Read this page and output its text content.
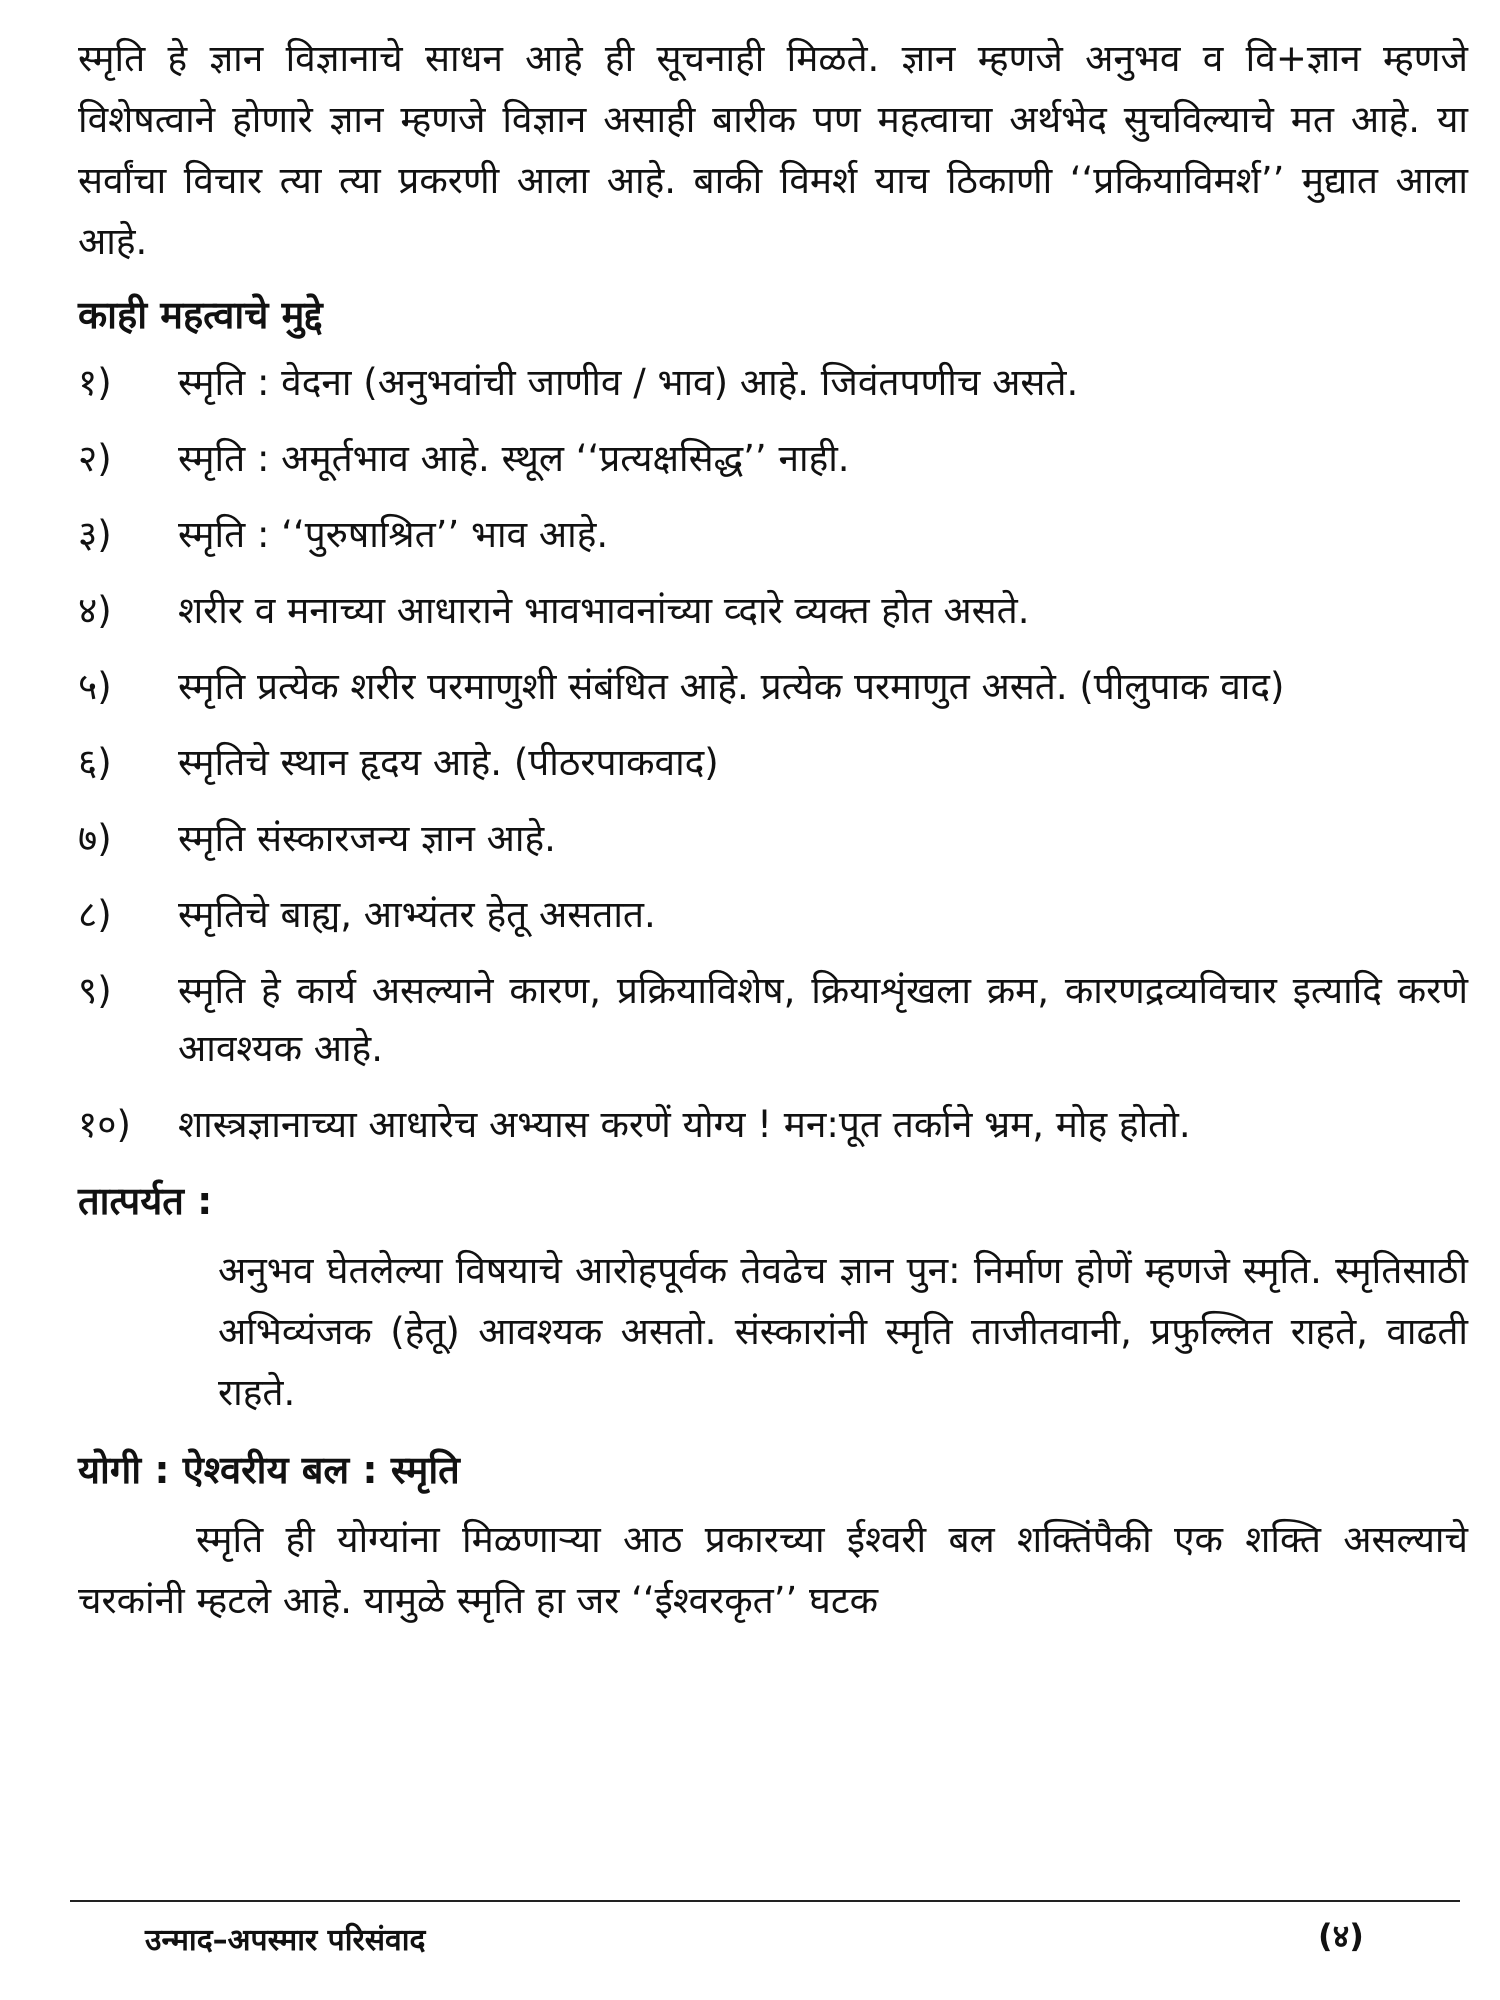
स्मृति हे ज्ञान विज्ञानाचे साधन आहे ही सूचनाही मिळते. ज्ञान म्हणजे अनुभव व वि+ज्ञान म्हणजे विशेषत्वाने होणारे ज्ञान म्हणजे विज्ञान असाही बारीक पण महत्वाचा अर्थभेद सुचविल्याचे मत आहे. या सर्वांचा विचार त्या त्या प्रकरणी आला आहे. बाकी विमर्श याच ठिकाणी ‘‘प्रकियाविमर्श’’ मुद्यात आला आहे.

काही महत्वाचे मुद्दे
१)	स्मृति : वेदना (अनुभवांची जाणीव / भाव) आहे. जिवंतपणीच असते.
२)	स्मृति : अमूर्तभाव आहे. स्थूल ‘‘प्रत्यक्षसिद्ध’’ नाही.
३)	स्मृति : ‘‘पुरुषाश्रित’’ भाव आहे.
४)	शरीर व मनाच्या आधाराने भावभावनांच्या व्दारे व्यक्त होत असते.
५)	स्मृति प्रत्येक शरीर परमाणुशी संबंधित आहे. प्रत्येक परमाणुत असते. (पीलुपाक वाद)
६)	स्मृतिचे स्थान हृदय आहे. (पीठरपाकवाद)
७)	स्मृति संस्कारजन्य ज्ञान आहे.
८)	स्मृतिचे बाह्य, आभ्यंतर हेतू असतात.
९)	स्मृति हे कार्य असल्याने कारण, प्रक्रियाविशेष, क्रियाशृंखला क्रम, कारणद्रव्यविचार इत्यादि करणे आवश्यक आहे.
१०)	शास्त्रज्ञानाच्या आधारेच अभ्यास करणें योग्य ! मन:पूत तर्काने भ्रम, मोह होतो.
तात्पर्यत :
अनुभव घेतलेल्या विषयाचे आरोहपूर्वक तेवढेच ज्ञान पुन: निर्माण होणें म्हणजे स्मृति. स्मृतिसाठी अभिव्यंजक (हेतू) आवश्यक असतो. संस्कारांनी स्मृति ताजीतवानी, प्रफुल्लित राहते, वाढती राहते.
योगी : ऐश्वरीय बल : स्मृति

स्मृति ही योग्यांना मिळणाऱ्या आठ प्रकारच्या ईश्वरी बल शक्तिंपैकी एक शक्ति असल्याचे चरकांनी म्हटले आहे. यामुळे स्मृति हा जर ‘‘ईश्वरकृत’’ घटक

उन्माद–अपस्मार परिसंवाद	(४)
